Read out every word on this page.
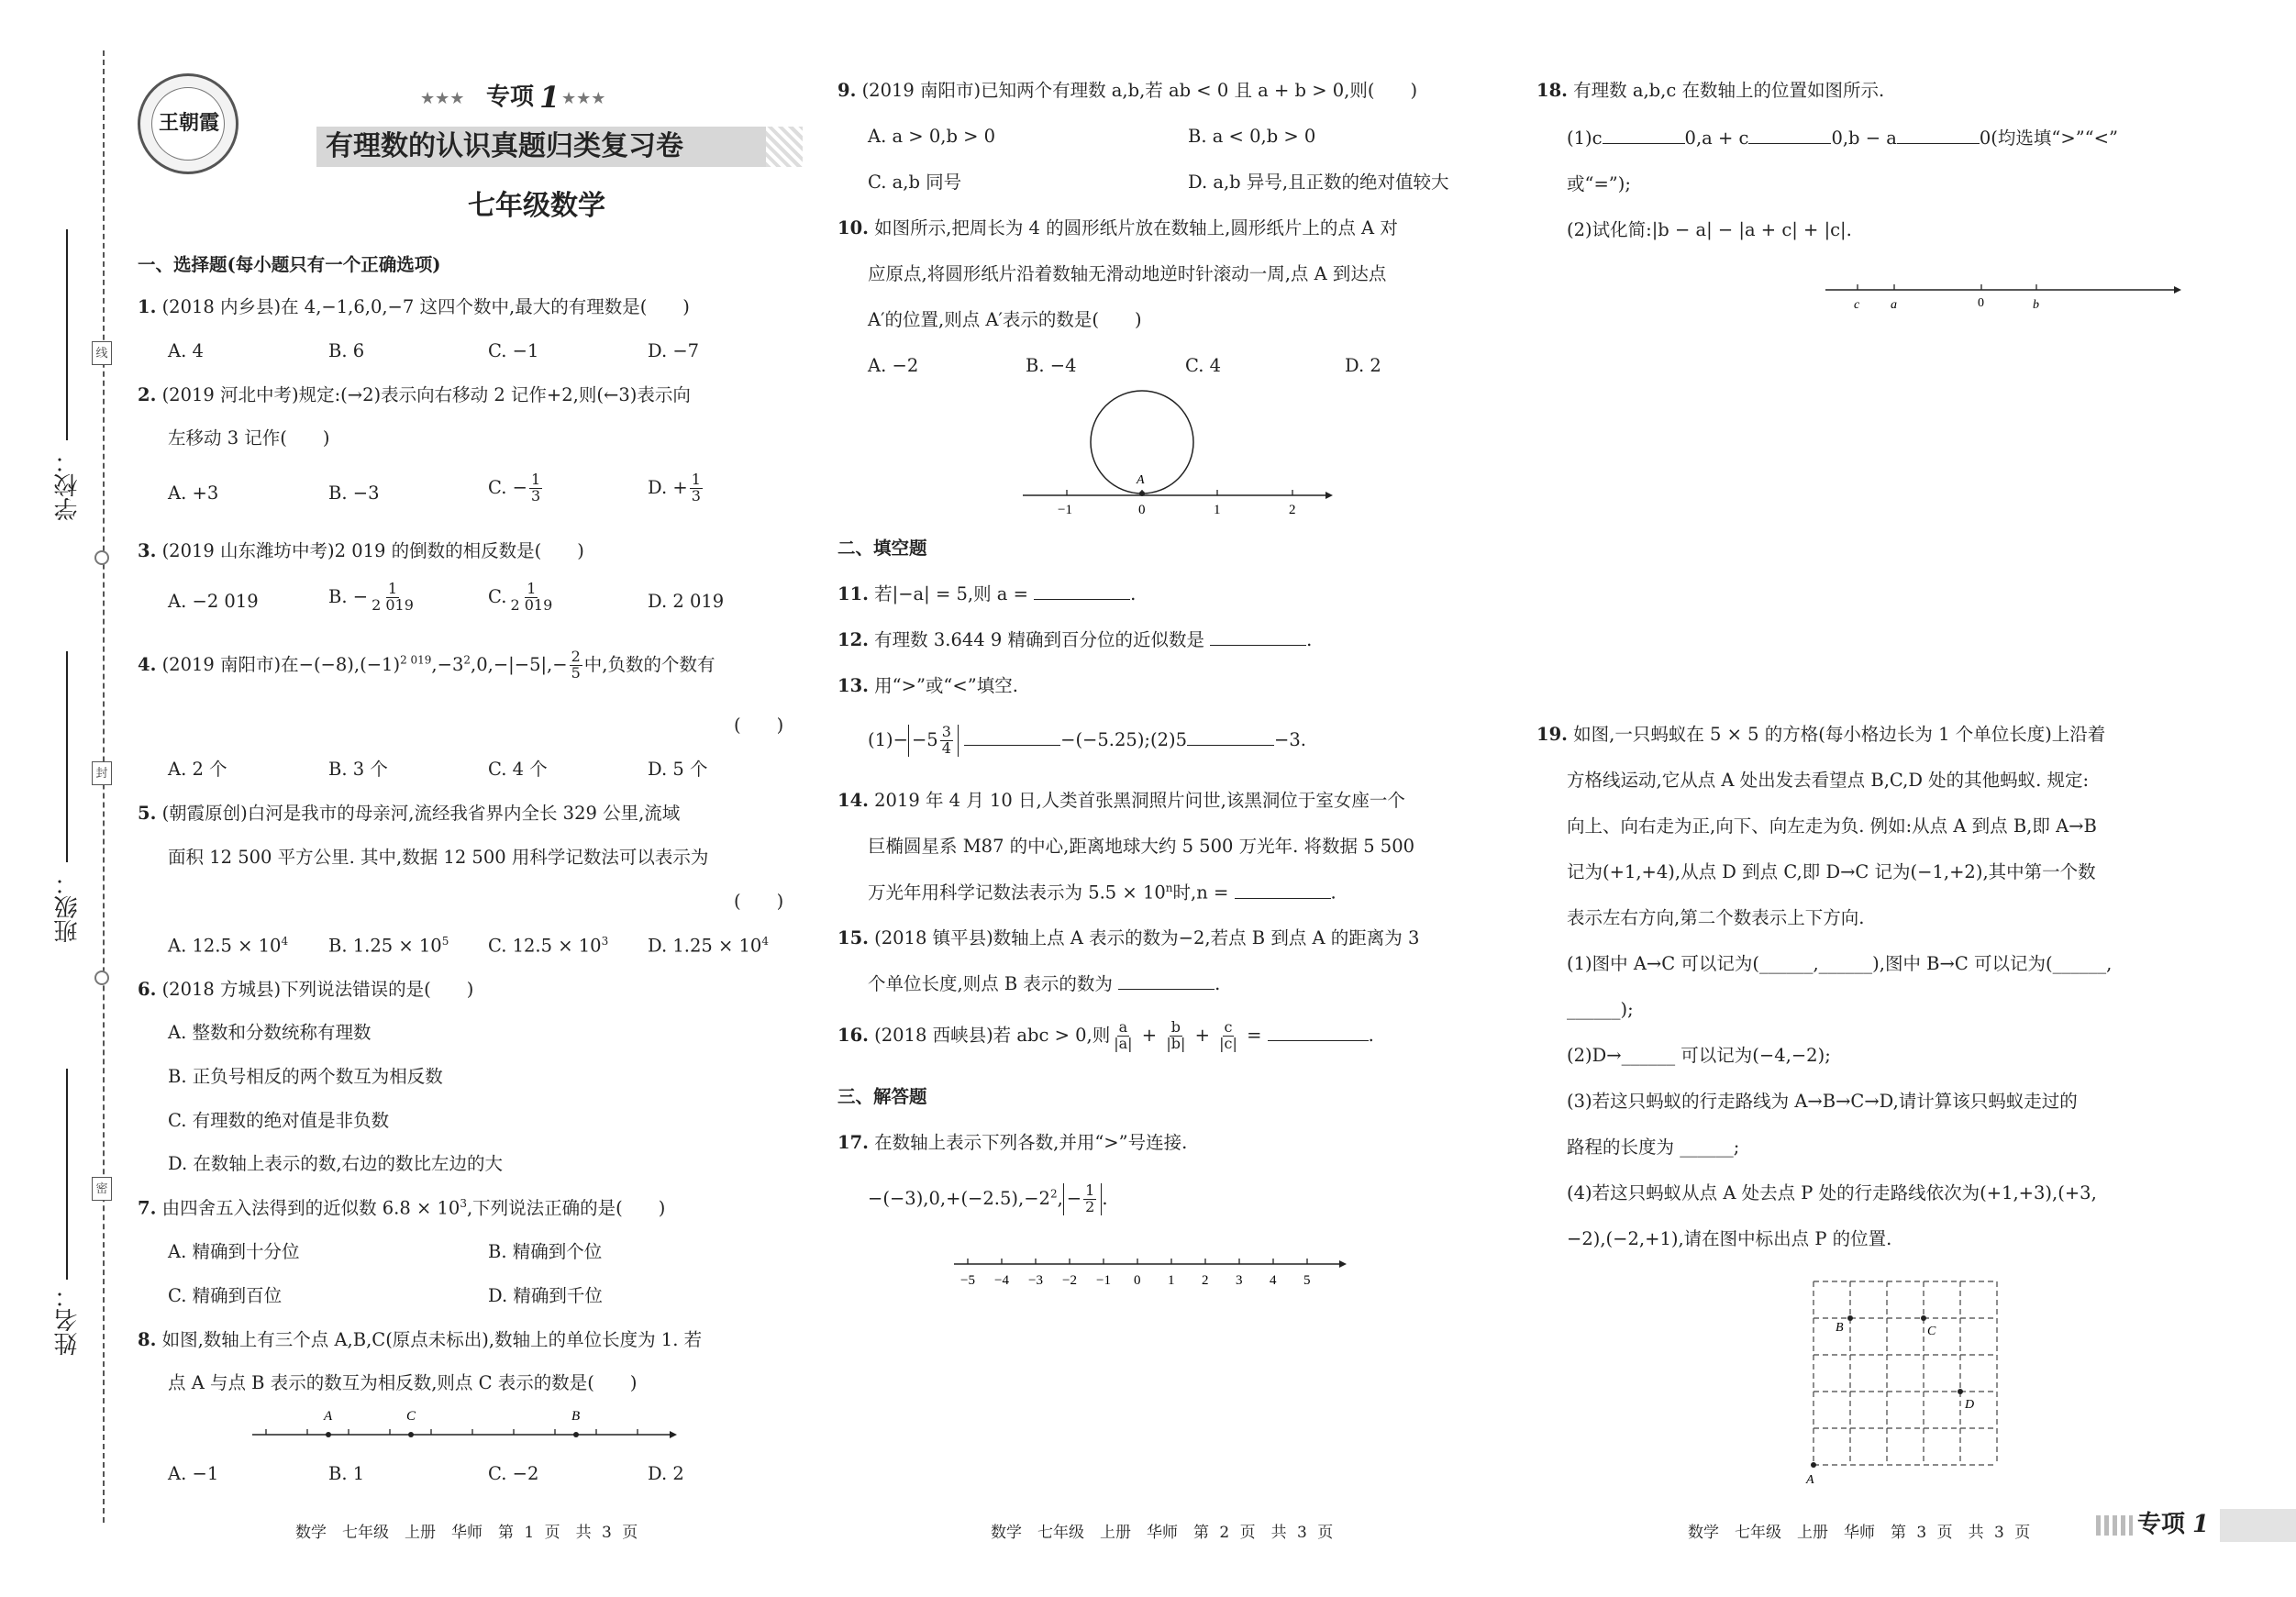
线
封
密
学校：
班级：
姓名：
王朝霞
★★★ 专项 1 ★★★
有理数的认识真题归类复习卷
七年级数学
一、选择题(每小题只有一个正确选项)
1. (2018 内乡县)在 4,−1,6,0,−7 这四个数中,最大的有理数是(　　)
A. 4	B. 6	C. −1	D. −7
2. (2019 河北中考)规定:(→2)表示向右移动 2 记作+2,则(←3)表示向
左移动 3 记作(　　)
A. +3	B. −3	C. − $\frac{1}{3}$	D. + $\frac{1}{3}$
3. (2019 山东潍坊中考)2 019 的倒数的相反数是(　　)
A. −2 019	B. − $\frac{1}{2 019}$	C. $\frac{1}{2 019}$	D. 2 019
4. (2019 南阳市)在$-(-8),(-1)^{2 019},-3^2,0,-|-5|,- \frac{2}{5}$ 中,负数的个数有
(　　)
A. 2 个	B. 3 个	C. 4 个	D. 5 个
5. (朝霞原创)白河是我市的母亲河,流经我省界内全长 329 公里,流域
面积 12 500 平方公里. 其中,数据 12 500 用科学记数法可以表示为
(　　)
A. $12.5 \times 10^4$ B. $1.25 \times 10^5$ C. $12.5 \times 10^3$ D. $1.25 \times 10^4$
6. (2018 方城县)下列说法错误的是(　　)
A. 整数和分数统称有理数
B. 正负号相反的两个数互为相反数
C. 有理数的绝对值是非负数
D. 在数轴上表示的数,右边的数比左边的大
7. 由四舍五入法得到的近似数 $6.8 \times 10^3$,下列说法正确的是(　　)
A. 精确到十分位	B. 精确到个位
C. 精确到百位	D. 精确到千位
8. 如图,数轴上有三个点 A,B,C(原点未标出),数轴上的单位长度为 1. 若
点 A 与点 B 表示的数互为相反数,则点 C 表示的数是(　　)
A	C	B
A. −1	B. 1	C. −2	D. 2
数学　七年级　上册　华师　第 1 页　共 3 页
9. (2019 南阳市)已知两个有理数 a,b,若 ab < 0 且 a + b > 0,则(　　)
A. a > 0,b > 0	B. a < 0,b > 0
C. a,b 同号	D. a,b 异号,且正数的绝对值较大
10. 如图所示,把周长为 4 的圆形纸片放在数轴上,圆形纸片上的点 A 对
应原点,将圆形纸片沿着数轴无滑动地逆时针滚动一周,点 A 到达点
A′的位置,则点 A′表示的数是(　　)
A. −2	B. −4	C. 4	D. 2
A
−1	0	1	2
二、填空题
11. 若|−a| = 5,则 a =	.
12. 有理数 3.644 9 精确到百分位的近似数是	.
13. 用“>”或“<”填空.
$(1)- -5 \frac{3}{4}$	−(−5.25);(2)5	−3.
14. 2019 年 4 月 10 日,人类首张黑洞照片问世,该黑洞位于室女座一个
巨椭圆星系 M87 的中心,距离地球大约 5 500 万光年. 将数据 5 500
万光年用科学记数法表示为 $5.5 \times 10^n$时,n =	.
15. (2018 镇平县)数轴上点 A 表示的数为−2,若点 B 到点 A 的距离为 3
个单位长度,则点 B 表示的数为	.
16. (2018 西峡县)若 abc > 0,则 $\frac{a}{|a|} + \frac{b}{|b|} + \frac{c}{|c|}$ =	.
三、解答题
17. 在数轴上表示下列各数,并用“>”号连接.
$-(-3),0,+(-2.5),-2^2$, − $\frac{1}{2}$ .
−5 −4 −3 −2 −1 0 1 2 3 4 5
数学　七年级　上册　华师　第 2 页　共 3 页
18. 有理数 a,b,c 在数轴上的位置如图所示.
(1)c	0,a + c	0,b − a	0(均选填“>”“<”
或“=”);
(2)试化简:|b − a| − |a + c| + |c|.
c a	0	b
答
19. 如图,一只蚂蚁在 5 × 5 的方格(每小格边长为 1 个单位长度)上沿着
方格线运动,它从点 A 处出发去看望点 B,C,D 处的其他蚂蚁. 规定:
向上、向右走为正,向下、向左走为负. 例如:从点 A 到点 B,即 A→B
记为(+1,+4),从点 D 到点 C,即 D→C 记为(−1,+2),其中第一个数
表示左右方向,第二个数表示上下方向.
(1)图中 A→C 可以记为(______,______),图中 B→C 可以记为(______,
______);
(2)D→______ 可以记为(−4,−2);
(3)若这只蚂蚁的行走路线为 A→B→C→D,请计算该只蚂蚁走过的
路程的长度为 ______;
(4)若这只蚂蚁从点 A 处去点 P 处的行走路线依次为(+1,+3),(+3,
−2),(−2,+1),请在图中标出点 P 的位置.
A
B	C
D
数学　七年级　上册　华师　第 3 页　共 3 页	专项 1
